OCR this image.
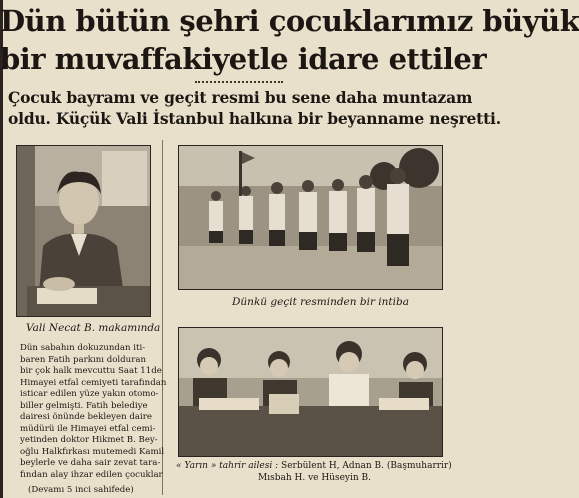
Dün bütün şehri çocuklarımız büyük
bir muvaffakiyetle idare ettiler
Çocuk bayramı ve geçit resmi bu sene daha muntazam
oldu. Küçük Vali İstanbul halkına bir beyanname neşretti.
Vali Necat B. makamında
Dünkü geçit resminden bir intiba
« Yarın » tahrir ailesi : Serbülent H, Adnan B. (Başmuharrir)
Mısbah H. ve Hüseyin B.
Dün sabahın dokuzundan iti-
baren Fatih parkını dolduran
bir çok halk mevcuttu Saat 11de
Himayei etfal cemiyeti tarafından
isticar edilen yüze yakın otomo-
biller gelmişti. Fatih belediye
dairesi önünde bekleyen daire
müdürü ile Himayei etfal cemi-
yetinden doktor Hikmet B. Bey-
oğlu Halkfırkası mutemedi Kamil
beylerle ve daha sair zevat tara-
fından alay ihzar edilen çocuklar
(Devamı 5 inci sahifede)
